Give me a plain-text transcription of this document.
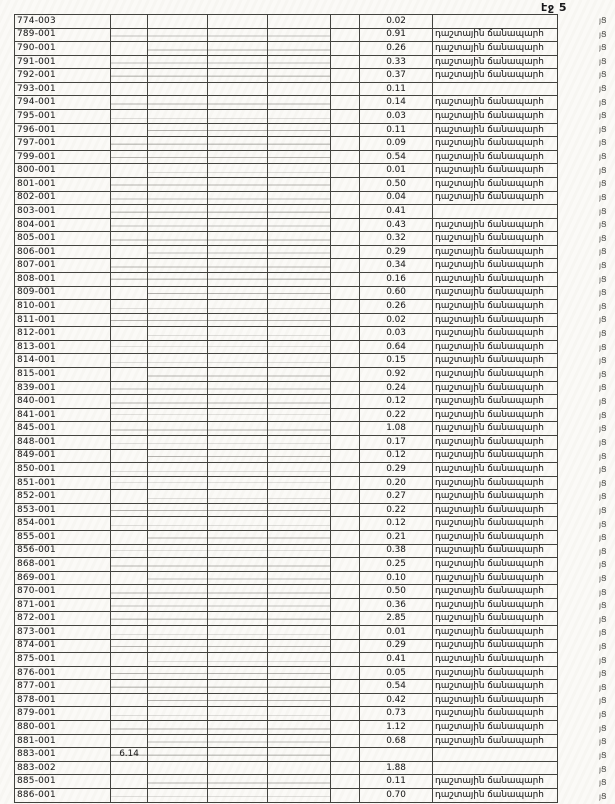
էջ 5
774-003						0.02	
789-001						0.91	դաշտային ճանապարհ
790-001						0.26	դաշտային ճանապարհ
791-001						0.33	դաշտային ճանապարհ
792-001						0.37	դաշտային ճանապարհ
793-001						0.11	
794-001						0.14	դաշտային ճանապարհ
795-001						0.03	դաշտային ճանապարհ
796-001						0.11	դաշտային ճանապարհ
797-001						0.09	դաշտային ճանապարհ
799-001						0.54	դաշտային ճանապարհ
800-001						0.01	դաշտային ճանապարհ
801-001						0.50	դաշտային ճանապարհ
802-001						0.04	դաշտային ճանապարհ
803-001						0.41	
804-001						0.43	դաշտային ճանապարհ
805-001						0.32	դաշտային ճանապարհ
806-001						0.29	դաշտային ճանապարհ
807-001						0.34	դաշտային ճանապարհ
808-001						0.16	դաշտային ճանապարհ
809-001						0.60	դաշտային ճանապարհ
810-001						0.26	դաշտային ճանապարհ
811-001						0.02	դաշտային ճանապարհ
812-001						0.03	դաշտային ճանապարհ
813-001						0.64	դաշտային ճանապարհ
814-001						0.15	դաշտային ճանապարհ
815-001						0.92	դաշտային ճանապարհ
839-001						0.24	դաշտային ճանապարհ
840-001						0.12	դաշտային ճանապարհ
841-001						0.22	դաշտային ճանապարհ
845-001						1.08	դաշտային ճանապարհ
848-001						0.17	դաշտային ճանապարհ
849-001						0.12	դաշտային ճանապարհ
850-001						0.29	դաշտային ճանապարհ
851-001						0.20	դաշտային ճանապարհ
852-001						0.27	դաշտային ճանապարհ
853-001						0.22	դաշտային ճանապարհ
854-001						0.12	դաշտային ճանապարհ
855-001						0.21	դաշտային ճանապարհ
856-001						0.38	դաշտային ճանապարհ
868-001						0.25	դաշտային ճանապարհ
869-001						0.10	դաշտային ճանապարհ
870-001						0.50	դաշտային ճանապարհ
871-001						0.36	դաշտային ճանապարհ
872-001						2.85	դաշտային ճանապարհ
873-001						0.01	դաշտային ճանապարհ
874-001						0.29	դաշտային ճանապարհ
875-001						0.41	դաշտային ճանապարհ
876-001						0.05	դաշտային ճանապարհ
877-001						0.54	դաշտային ճանապարհ
878-001						0.42	դաշտային ճանապարհ
879-001						0.73	դաշտային ճանապարհ
880-001						1.12	դաշտային ճանապարհ
881-001						0.68	դաշտային ճանապարհ
883-001	6.14						
883-002						1.88	
885-001						0.11	դաշտային ճանապարհ
886-001						0.70	դաշտային ճանապարհ
յՑ
յՑ
յՑ
յՑ
յՑ
յՑ
յՑ
յՑ
յՑ
յՑ
յՑ
յՑ
յՑ
յՑ
յՑ
յՑ
յՑ
յՑ
յՑ
յՑ
յՑ
յՑ
յՑ
յՑ
յՑ
յՑ
յՑ
յՑ
յՑ
յՑ
յՑ
յՑ
յՑ
յՑ
յՑ
յՑ
յՑ
յՑ
յՑ
յՑ
յՑ
յՑ
յՑ
յՑ
յՑ
յՑ
յՑ
յՑ
յՑ
յՑ
յՑ
յՑ
յՑ
յՑ
յՑ
յՑ
յՑ
յՑ
